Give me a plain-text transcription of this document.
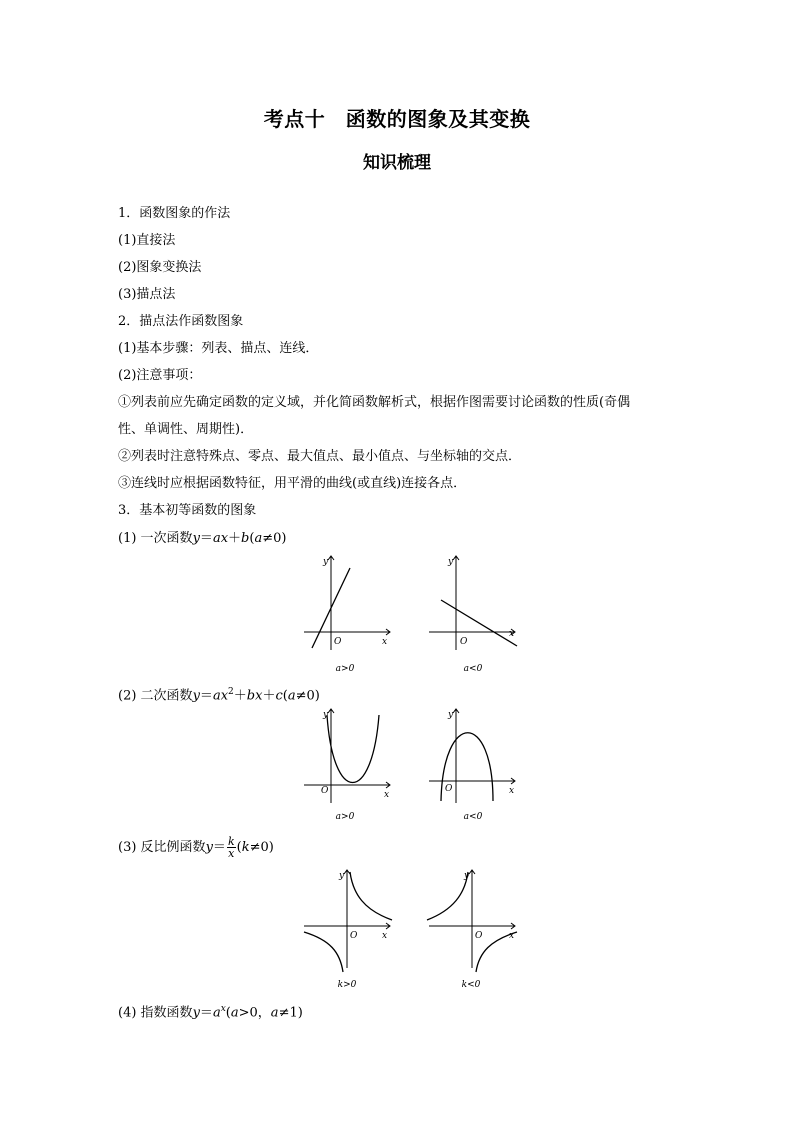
考点十　函数的图象及其变换
知识梳理
1．函数图象的作法
(1)直接法
(2)图象变换法
(3)描点法
2．描点法作函数图象
(1)基本步骤：列表、描点、连线．
(2)注意事项：
①列表前应先确定函数的定义域，并化简函数解析式，根据作图需要讨论函数的性质(奇偶
性、单调性、周期性)．
②列表时注意特殊点、零点、最大值点、最小值点、与坐标轴的交点．
③连线时应根据函数特征，用平滑的曲线(或直线)连接各点．
3．基本初等函数的图象
(1) 一次函数y＝ax＋b(a≠0)
x
y
O
a>0
x
y
O
a<0
(2) 二次函数$y=ax^2+bx+c(a\ne 0)$
x
y
O
a>0
x
y
O
a<0
(3) 反比例函数$y= \frac{k}{x} (k\ne 0)$
x
y
O
k>0
x
y
O
k<0
(4) 指数函数$y=a^x(a>0$，a≠1)
